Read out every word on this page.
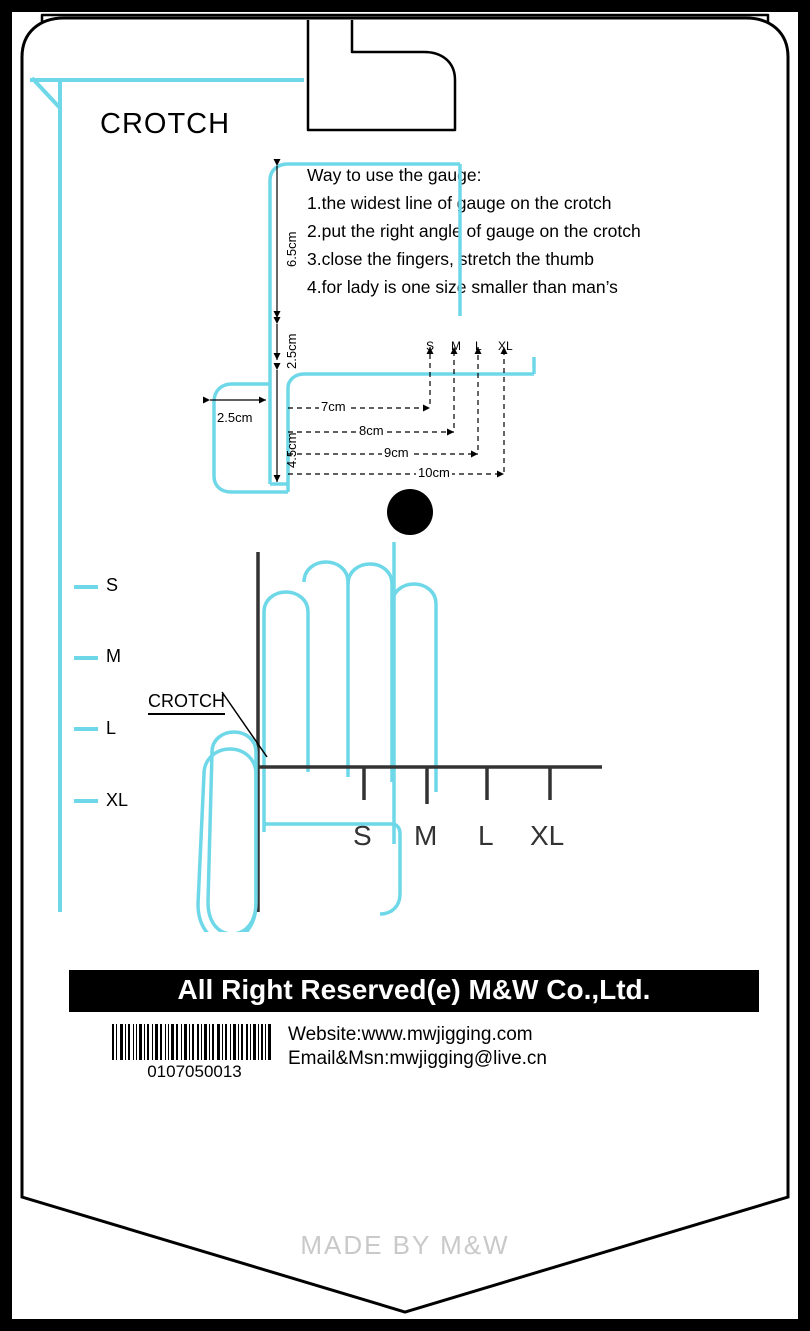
S
M
L
XL
CROTCH
Way to use the gauge:
1.the widest line of gauge on the crotch
2.put the right angle of gauge on the crotch
3.close the fingers, stretch the thumb
4.for lady is one size smaller than man’s
6.5cm
2.5cm
4.5cm
2.5cm
7cm
8cm
9cm
10cm
S M L XL
CROTCH
S M L XL
All Right Reserved(e) M&W Co.,Ltd.
0107050013
Website:www.mwjigging.com
Email&Msn:mwjigging@live.cn
MADE BY M&W
